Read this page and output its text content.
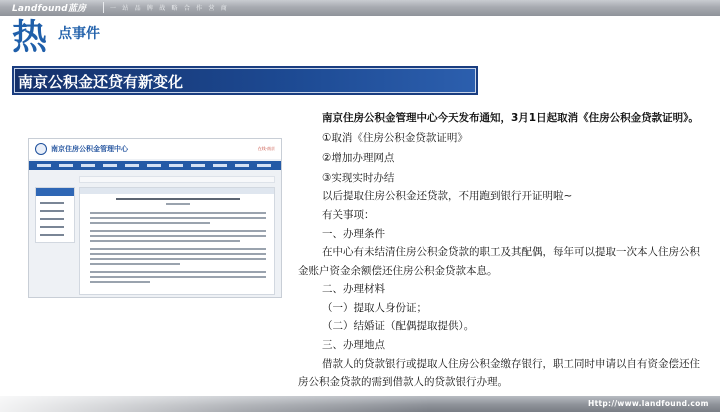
Landfound蓝房	一 站 品 牌 战 略 合 作 营 商
热 点事件
南京公积金还贷有新变化
南京住房公积金管理中心	在线·南京
南京住房公积金管理中心今天发布通知，3月1日起取消《住房公积金贷款证明》。
①取消《住房公积金贷款证明》
②增加办理网点
③实现实时办结
以后提取住房公积金还贷款，不用跑到银行开证明啦~
有关事项：
一、办理条件
在中心有未结清住房公积金贷款的职工及其配偶，每年可以提取一次本人住房公积
金账户资金余额偿还住房公积金贷款本息。
二、办理材料
（一）提取人身份证；
（二）结婚证（配偶提取提供）。
三、办理地点
借款人的贷款银行或提取人住房公积金缴存银行，职工同时申请以自有资金偿还住
房公积金贷款的需到借款人的贷款银行办理。
Http://www.landfound.com
